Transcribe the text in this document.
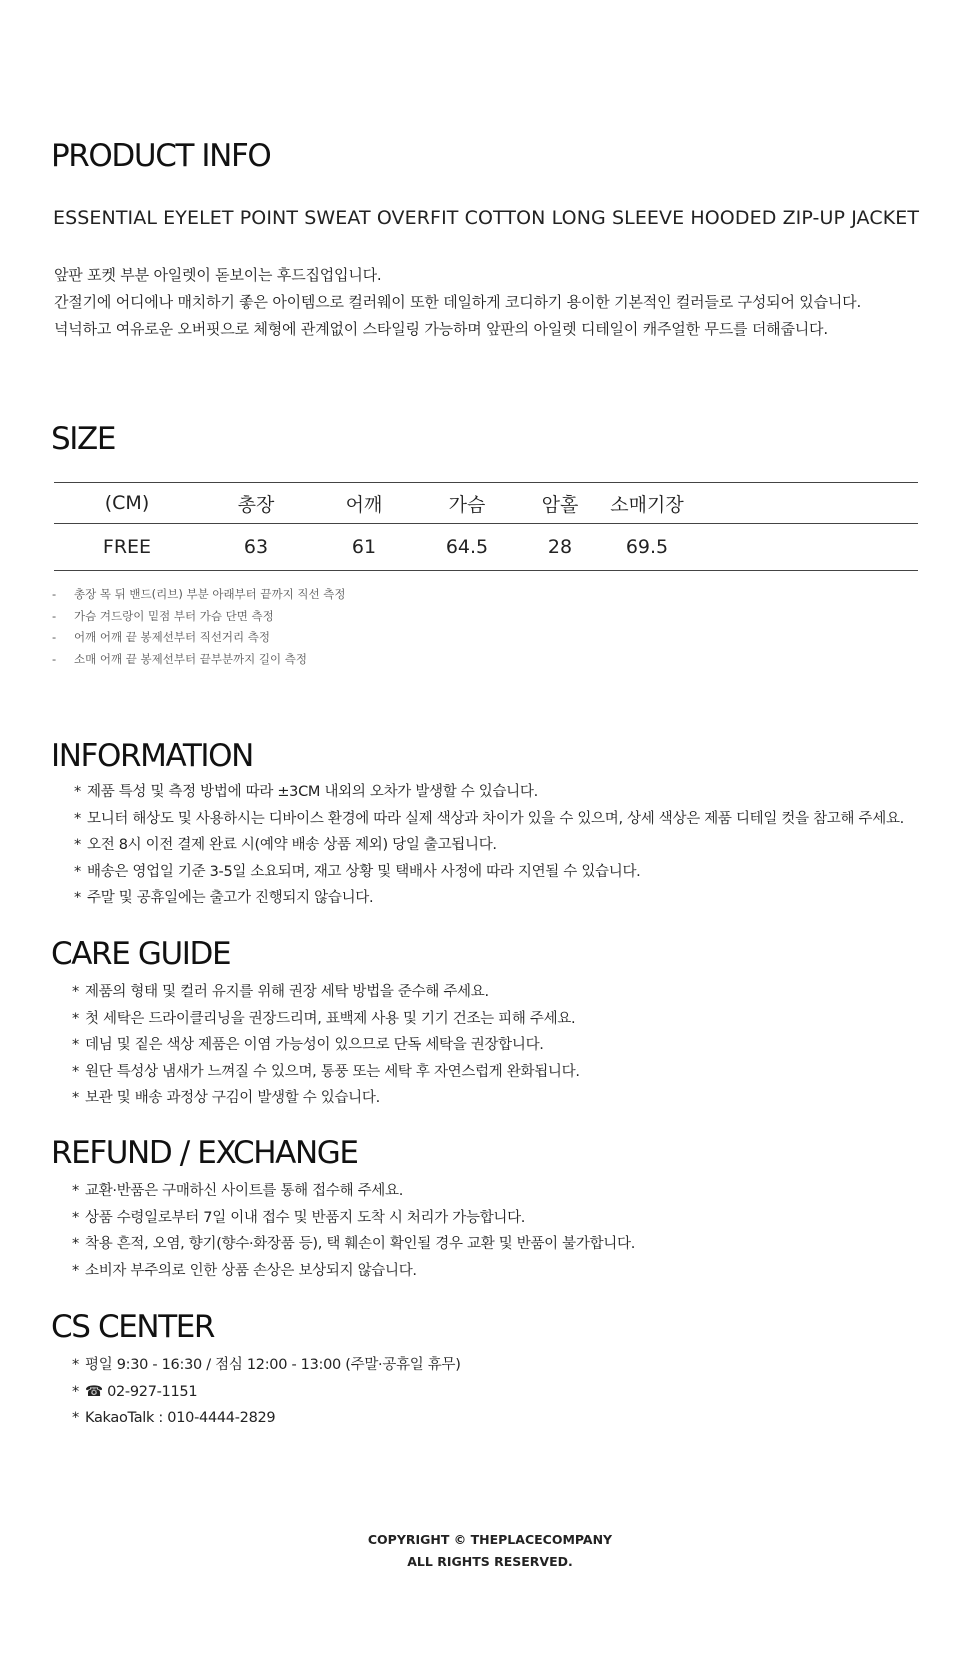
PRODUCT INFO
ESSENTIAL EYELET POINT SWEAT OVERFIT COTTON LONG SLEEVE HOODED ZIP-UP JACKET
앞판 포켓 부분 아일렛이 돋보이는 후드집업입니다.
간절기에 어디에나 매치하기 좋은 아이템으로 컬러웨이 또한 데일하게 코디하기 용이한 기본적인 컬러들로 구성되어 있습니다.
넉넉하고 여유로운 오버핏으로 체형에 관계없이 스타일링 가능하며 앞판의 아일렛 디테일이 캐주얼한 무드를 더해줍니다.
SIZE
(CM)	총장	어깨	가슴	암홀	소매기장	
FREE	63	61	64.5	28	69.5	
- 총장 목 뒤 밴드(리브) 부분 아래부터 끝까지 직선 측정
- 가슴 겨드랑이 밑점 부터 가슴 단면 측정
- 어깨 어깨 끝 봉제선부터 직선거리 측정
- 소매 어깨 끝 봉제선부터 끝부분까지 길이 측정
INFORMATION
* 제품 특성 및 측정 방법에 따라 ±3CM 내외의 오차가 발생할 수 있습니다.
* 모니터 해상도 및 사용하시는 디바이스 환경에 따라 실제 색상과 차이가 있을 수 있으며, 상세 색상은 제품 디테일 컷을 참고해 주세요.
* 오전 8시 이전 결제 완료 시(예약 배송 상품 제외) 당일 출고됩니다.
* 배송은 영업일 기준 3-5일 소요되며, 재고 상황 및 택배사 사정에 따라 지연될 수 있습니다.
* 주말 및 공휴일에는 출고가 진행되지 않습니다.
CARE GUIDE
* 제품의 형태 및 컬러 유지를 위해 권장 세탁 방법을 준수해 주세요.
* 첫 세탁은 드라이클리닝을 권장드리며, 표백제 사용 및 기기 건조는 피해 주세요.
* 데님 및 짙은 색상 제품은 이염 가능성이 있으므로 단독 세탁을 권장합니다.
* 원단 특성상 냄새가 느껴질 수 있으며, 통풍 또는 세탁 후 자연스럽게 완화됩니다.
* 보관 및 배송 과정상 구김이 발생할 수 있습니다.
REFUND / EXCHANGE
* 교환·반품은 구매하신 사이트를 통해 접수해 주세요.
* 상품 수령일로부터 7일 이내 접수 및 반품지 도착 시 처리가 가능합니다.
* 착용 흔적, 오염, 향기(향수·화장품 등), 택 훼손이 확인될 경우 교환 및 반품이 불가합니다.
* 소비자 부주의로 인한 상품 손상은 보상되지 않습니다.
CS CENTER
* 평일 9:30 - 16:30 / 점심 12:00 - 13:00 (주말·공휴일 휴무)
* ☎ 02-927-1151
* KakaoTalk : 010-4444-2829
COPYRIGHT © THEPLACECOMPANY
ALL RIGHTS RESERVED.
